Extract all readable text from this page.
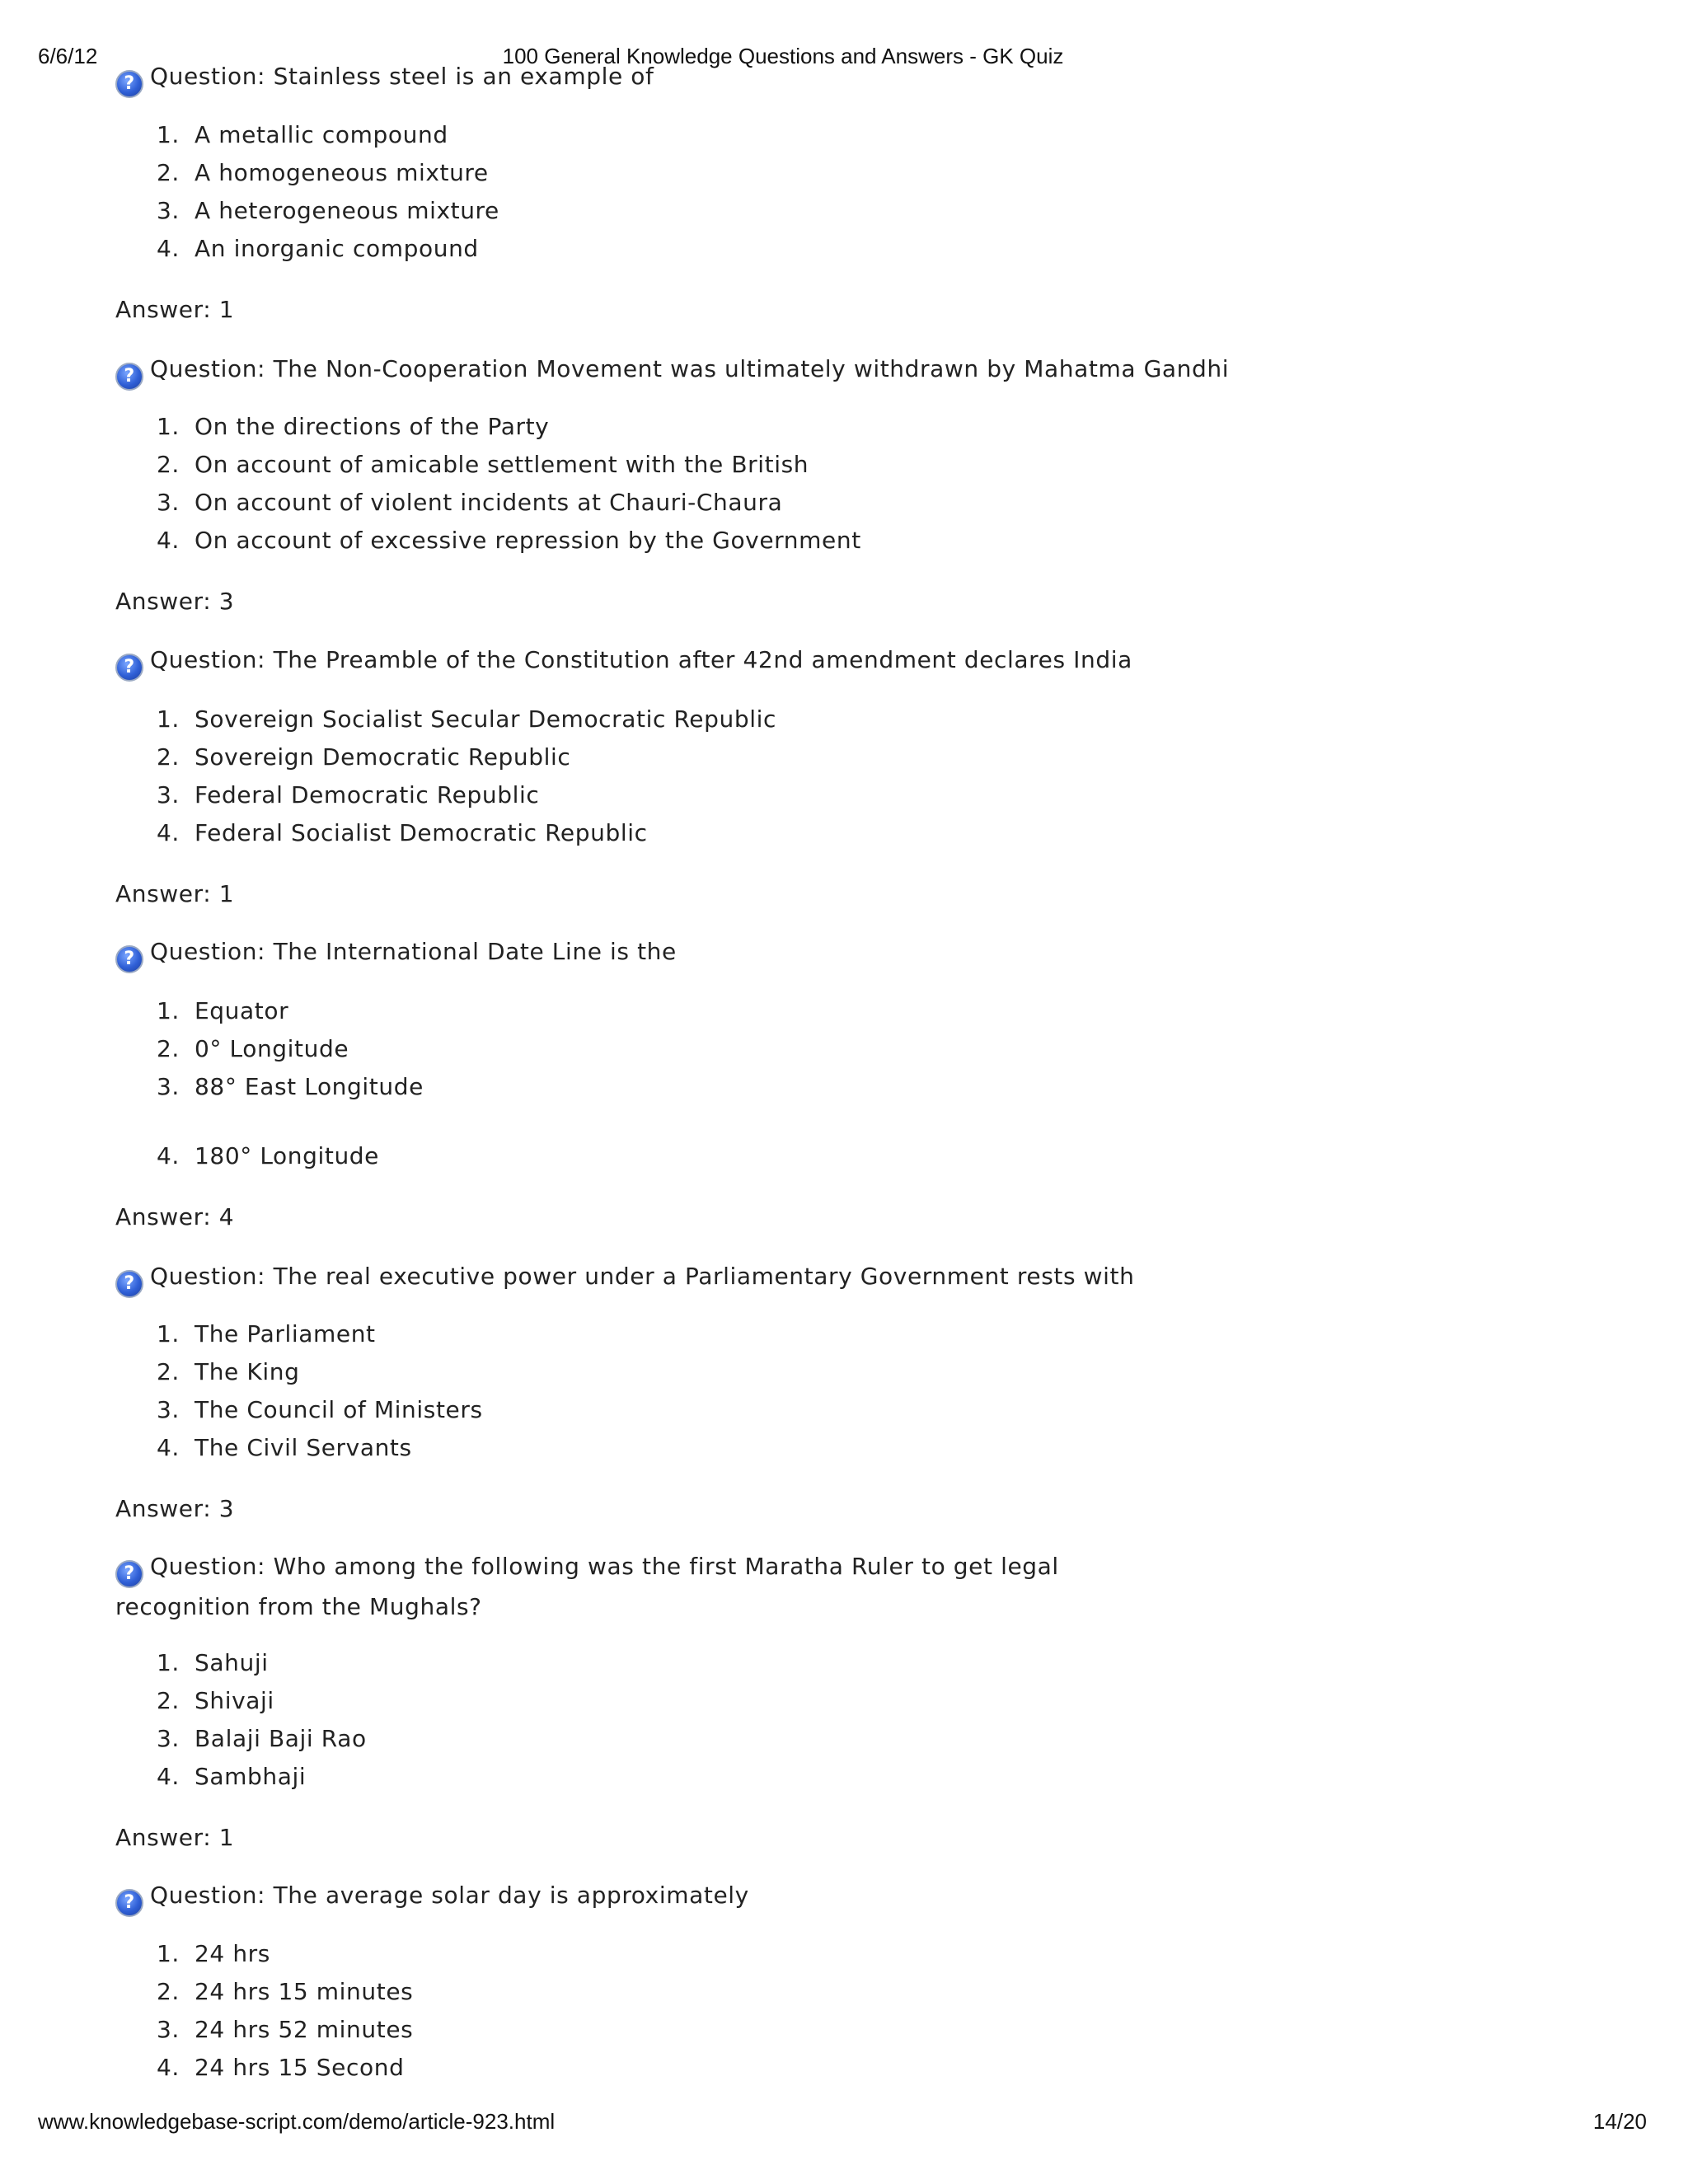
6/6/12	100 General Knowledge Questions and Answers - GK Quiz
? Question: Stainless steel is an example of
1. A metallic compound
2. A homogeneous mixture
3. A heterogeneous mixture
4. An inorganic compound
Answer: 1
? Question: The Non-Cooperation Movement was ultimately withdrawn by Mahatma Gandhi
1. On the directions of the Party
2. On account of amicable settlement with the British
3. On account of violent incidents at Chauri-Chaura
4. On account of excessive repression by the Government
Answer: 3
? Question: The Preamble of the Constitution after 42nd amendment declares India
1. Sovereign Socialist Secular Democratic Republic
2. Sovereign Democratic Republic
3. Federal Democratic Republic
4. Federal Socialist Democratic Republic
Answer: 1
? Question: The International Date Line is the
1. Equator
2. 0° Longitude
3. 88° East Longitude
4. 180° Longitude
Answer: 4
? Question: The real executive power under a Parliamentary Government rests with
1. The Parliament
2. The King
3. The Council of Ministers
4. The Civil Servants
Answer: 3
? Question: Who among the following was the first Maratha Ruler to get legal recognition from the Mughals?
1. Sahuji
2. Shivaji
3. Balaji Baji Rao
4. Sambhaji
Answer: 1
? Question: The average solar day is approximately
1. 24 hrs
2. 24 hrs 15 minutes
3. 24 hrs 52 minutes
4. 24 hrs 15 Second
www.knowledgebase-script.com/demo/article-923.html	14/20
